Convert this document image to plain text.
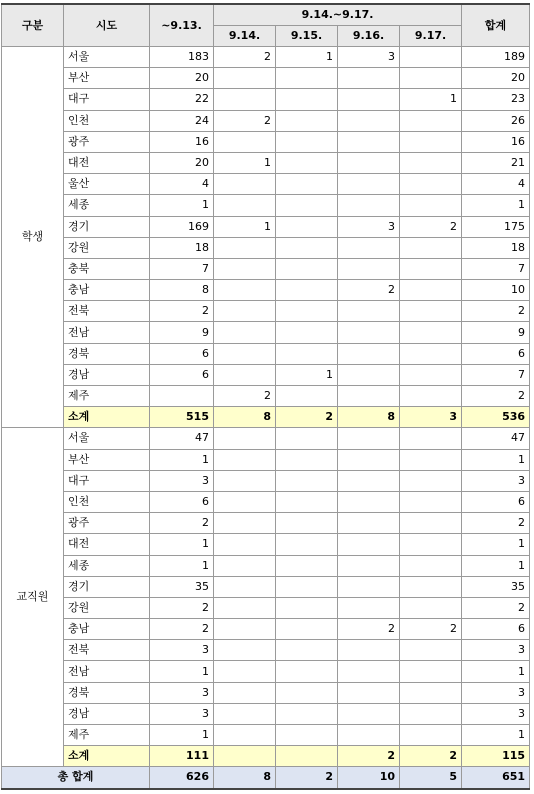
구분	시도	~9.13.	9.14.~9.17.				합계
			9.14.	9.15.	9.16.	9.17.	
학생	서울	183	2	1	3		189
	부산	20					20
	대구	22				1	23
	인천	24	2				26
	광주	16					16
	대전	20	1				21
	울산	4					4
	세종	1					1
	경기	169	1		3	2	175
	강원	18					18
	충북	7					7
	충남	8			2		10
	전북	2					2
	전남	9					9
	경북	6					6
	경남	6		1			7
	제주		2				2
	소계	515	8	2	8	3	536
교직원	서울	47					47
	부산	1					1
	대구	3					3
	인천	6					6
	광주	2					2
	대전	1					1
	세종	1					1
	경기	35					35
	강원	2					2
	충남	2			2	2	6
	전북	3					3
	전남	1					1
	경북	3					3
	경남	3					3
	제주	1					1
	소계	111			2	2	115
총 합계		626	8	2	10	5	651
